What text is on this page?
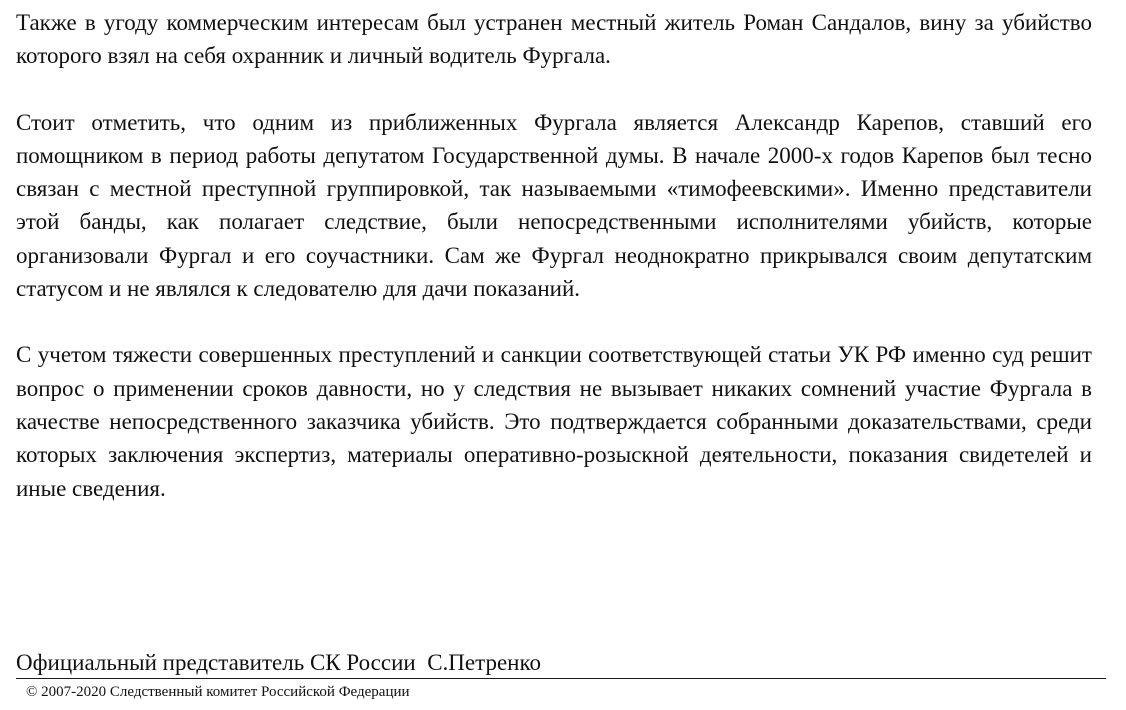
Также в угоду коммерческим интересам был устранен местный житель Роман Сандалов, вину за убийство которого взял на себя охранник и личный водитель Фургала.

Стоит отметить, что одним из приближенных Фургала является Александр Карепов, ставший его помощником в период работы депутатом Государственной думы. В начале 2000-х годов Карепов был тесно связан с местной преступной группировкой, так называемыми «тимофеевскими». Именно представители этой банды, как полагает следствие, были непосредственными исполнителями убийств, которые организовали Фургал и его соучастники. Сам же Фургал неоднократно прикрывался своим депутатским статусом и не являлся к следователю для дачи показаний.

С учетом тяжести совершенных преступлений и санкции соответствующей статьи УК РФ именно суд решит вопрос о применении сроков давности, но у следствия не вызывает никаких сомнений участие Фургала в качестве непосредственного заказчика убийств. Это подтверждается собранными доказательствами, среди которых заключения экспертиз, материалы оперативно-розыскной деятельности, показания свидетелей и иные сведения.

Официальный представитель СК России  С.Петренко
© 2007-2020 Следственный комитет Российской Федерации
